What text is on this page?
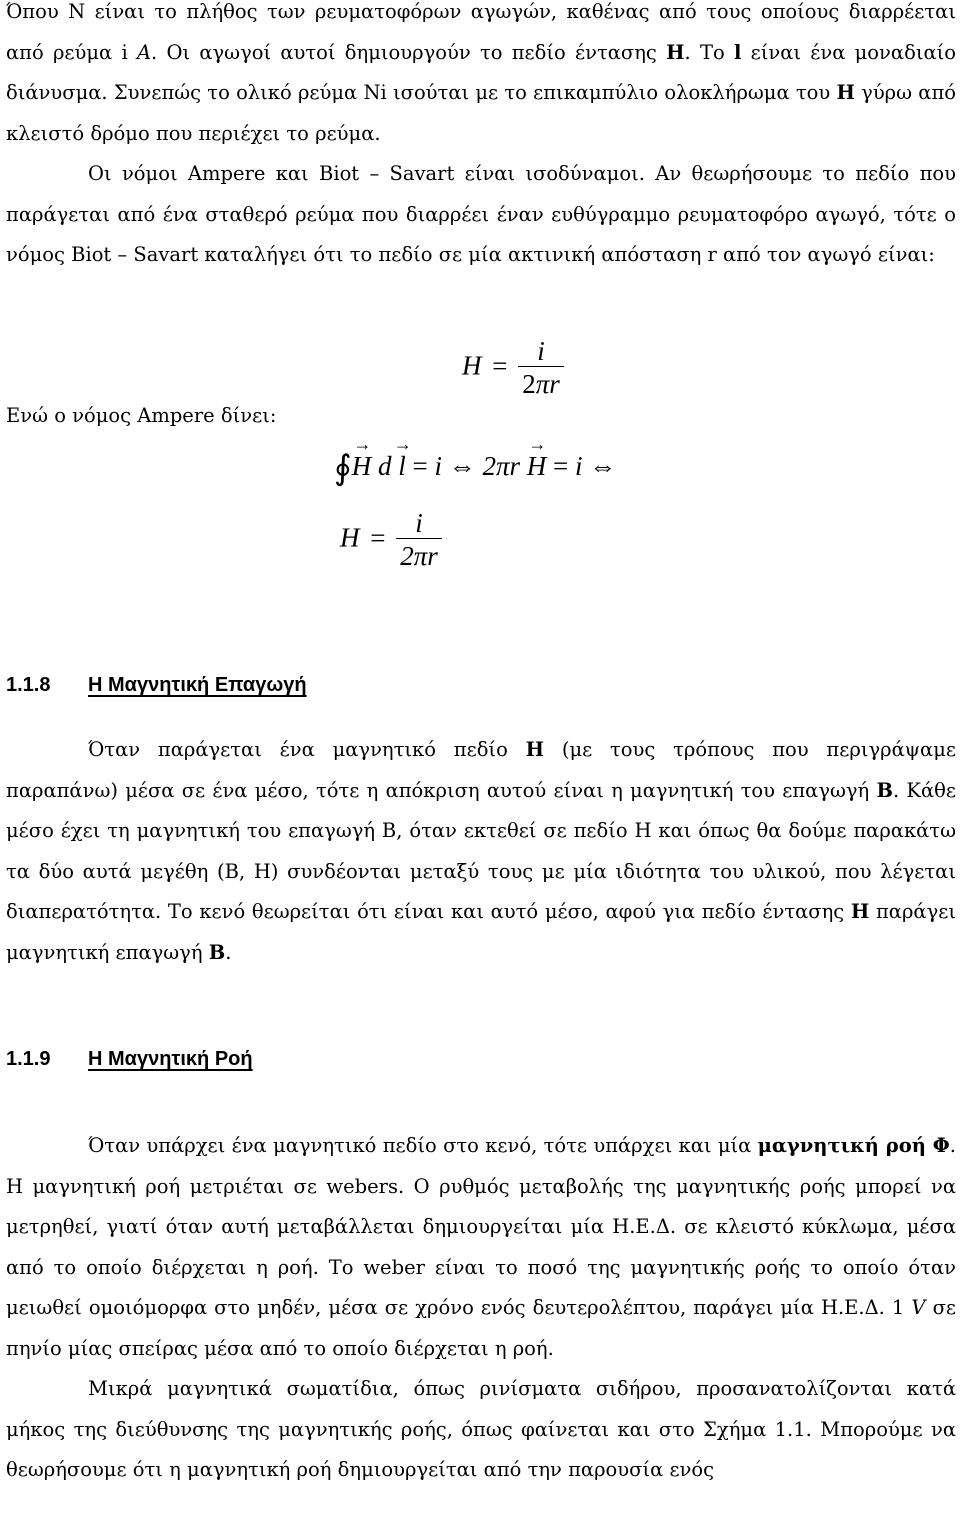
Όπου Ν είναι το πλήθος των ρευματοφόρων αγωγών, καθένας από τους οποίους διαρρέεται από ρεύμα i A. Οι αγωγοί αυτοί δημιουργούν το πεδίο έντασης H. Το l είναι ένα μοναδιαίο διάνυσμα. Συνεπώς το ολικό ρεύμα Ni ισούται με το επικαμπύλιο ολοκλήρωμα του H γύρω από κλειστό δρόμο που περιέχει το ρεύμα.

Οι νόμοι Ampere και Biot – Savart είναι ισοδύναμοι. Αν θεωρήσουμε το πεδίο που παράγεται από ένα σταθερό ρεύμα που διαρρέει έναν ευθύγραμμο ρευματοφόρο αγωγό, τότε ο νόμος Biot – Savart καταλήγει ότι το πεδίο σε μία ακτινική απόσταση r από τον αγωγό είναι:

$H = \frac{i}{2\pi r}$
Ενώ ο νόμος Ampere δίνει:
∮→ H d → l = i ⇔ 2πr → H = i ⇔
$H = \frac{i}{2\pi r}$
1.1.8 Η Μαγνητική Επαγωγή

Όταν παράγεται ένα μαγνητικό πεδίο H (με τους τρόπους που περιγράψαμε παραπάνω) μέσα σε ένα μέσο, τότε η απόκριση αυτού είναι η μαγνητική του επαγωγή B. Κάθε μέσο έχει τη μαγνητική του επαγωγή B, όταν εκτεθεί σε πεδίο H και όπως θα δούμε παρακάτω τα δύο αυτά μεγέθη (B, H) συνδέονται μεταξύ τους με μία ιδιότητα του υλικού, που λέγεται διαπερατότητα. Το κενό θεωρείται ότι είναι και αυτό μέσο, αφού για πεδίο έντασης H παράγει μαγνητική επαγωγή B.

1.1.9 Η Μαγνητική Ροή

Όταν υπάρχει ένα μαγνητικό πεδίο στο κενό, τότε υπάρχει και μία μαγνητική ροή Φ. Η μαγνητική ροή μετριέται σε webers. Ο ρυθμός μεταβολής της μαγνητικής ροής μπορεί να μετρηθεί, γιατί όταν αυτή μεταβάλλεται δημιουργείται μία Η.Ε.Δ. σε κλειστό κύκλωμα, μέσα από το οποίο διέρχεται η ροή. Το weber είναι το ποσό της μαγνητικής ροής το οποίο όταν μειωθεί ομοιόμορφα στο μηδέν, μέσα σε χρόνο ενός δευτερολέπτου, παράγει μία Η.Ε.Δ. 1 V σε πηνίο μίας σπείρας μέσα από το οποίο διέρχεται η ροή.

Μικρά μαγνητικά σωματίδια, όπως ρινίσματα σιδήρου, προσανατολίζονται κατά μήκος της διεύθυνσης της μαγνητικής ροής, όπως φαίνεται και στο Σχήμα 1.1. Μπορούμε να θεωρήσουμε ότι η μαγνητική ροή δημιουργείται από την παρουσία ενός
